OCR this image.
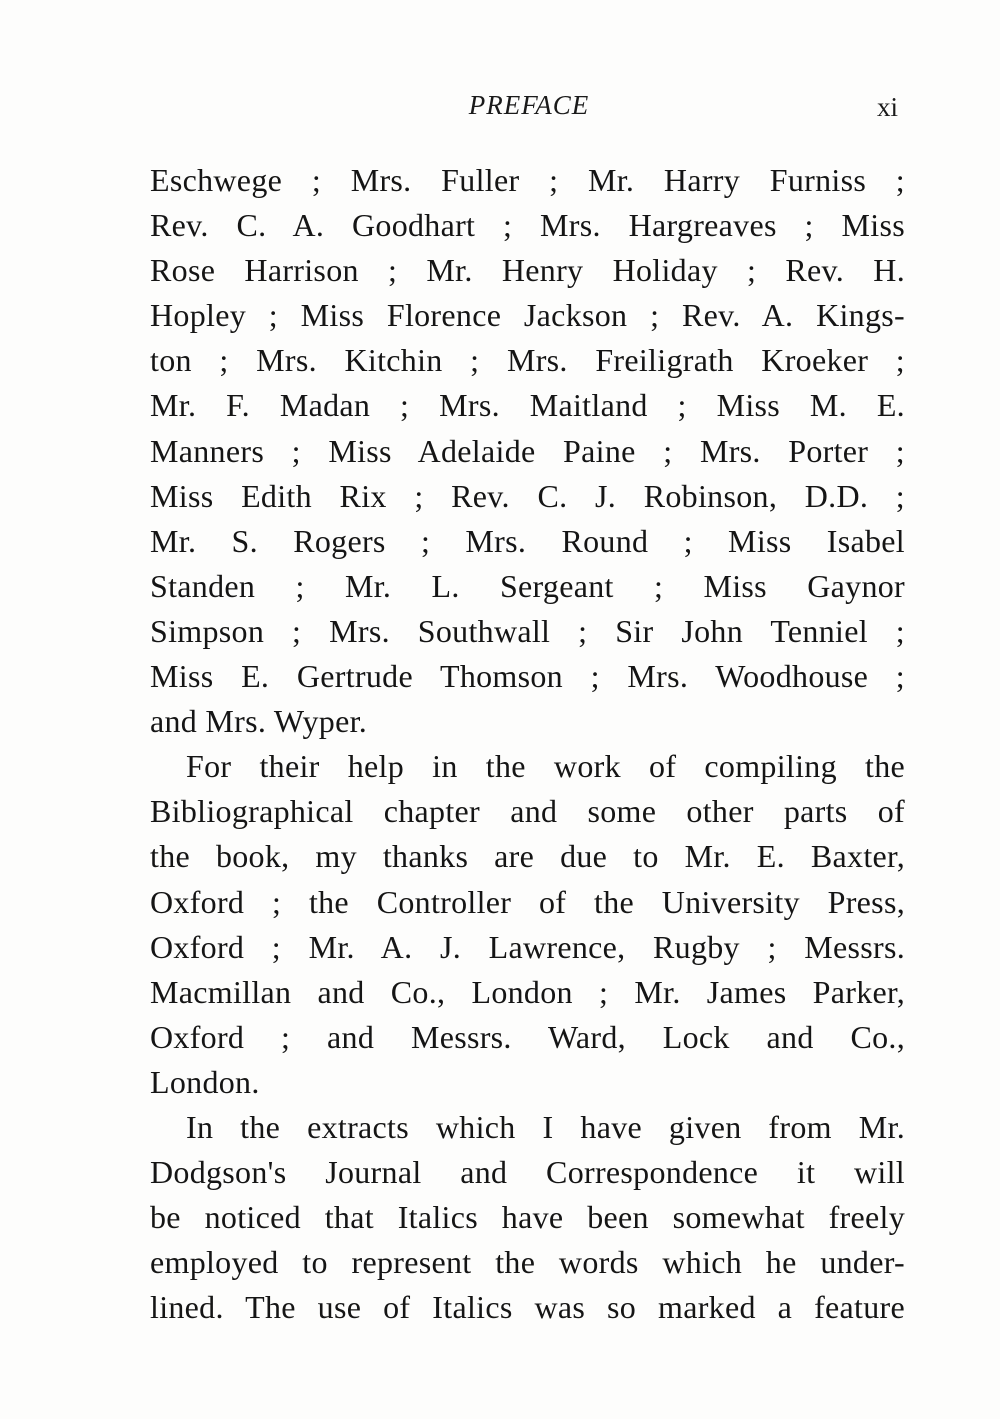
PREFACE	xi
Eschwege ; Mrs. Fuller ; Mr. Harry Furniss ;
Rev. C. A. Goodhart ; Mrs. Hargreaves ; Miss
Rose Harrison ; Mr. Henry Holiday ; Rev. H.
Hopley ; Miss Florence Jackson ; Rev. A. Kings-
ton ; Mrs. Kitchin ; Mrs. Freiligrath Kroeker ;
Mr. F. Madan ; Mrs. Maitland ; Miss M. E.
Manners ; Miss Adelaide Paine ; Mrs. Porter ;
Miss Edith Rix ; Rev. C. J. Robinson, D.D. ;
Mr. S. Rogers ; Mrs. Round ; Miss Isabel
Standen ; Mr. L. Sergeant ; Miss Gaynor
Simpson ; Mrs. Southwall ; Sir John Tenniel ;
Miss E. Gertrude Thomson ; Mrs. Woodhouse ;
and Mrs. Wyper.
For their help in the work of compiling the
Bibliographical chapter and some other parts of
the book, my thanks are due to Mr. E. Baxter,
Oxford ; the Controller of the University Press,
Oxford ; Mr. A. J. Lawrence, Rugby ; Messrs.
Macmillan and Co., London ; Mr. James Parker,
Oxford ; and Messrs. Ward, Lock and Co.,
London.
In the extracts which I have given from Mr.
Dodgson's Journal and Correspondence it will
be noticed that Italics have been somewhat freely
employed to represent the words which he under-
lined. The use of Italics was so marked a feature
